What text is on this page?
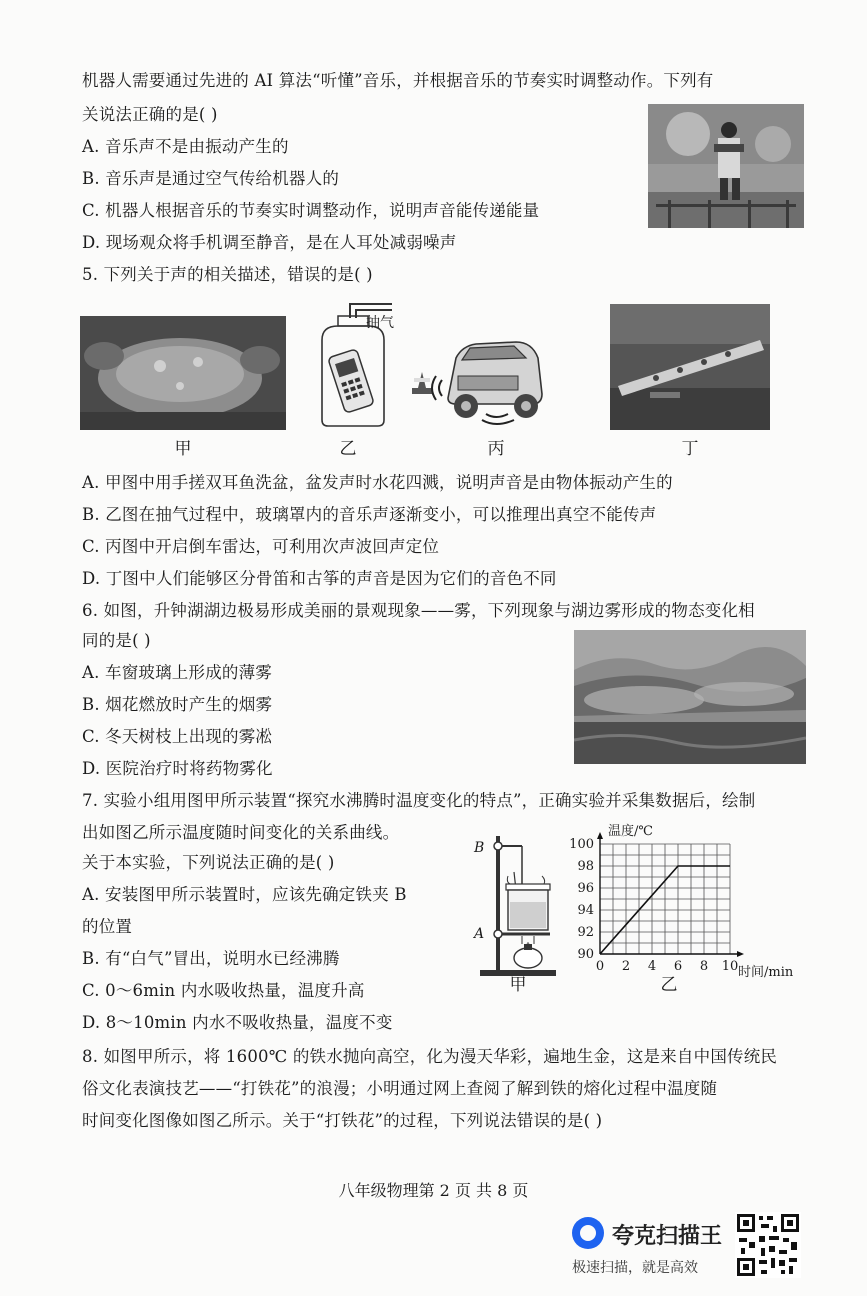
机器人需要通过先进的 AI 算法“听懂”音乐，并根据音乐的节奏实时调整动作。下列有
关说法正确的是( )
A. 音乐声不是由振动产生的
B. 音乐声是通过空气传给机器人的
C. 机器人根据音乐的节奏实时调整动作，说明声音能传递能量
D. 现场观众将手机调至静音，是在人耳处减弱噪声
5. 下列关于声的相关描述，错误的是( )
甲
抽气
乙	丙	丁
A. 甲图中用手搓双耳鱼洗盆，盆发声时水花四溅，说明声音是由物体振动产生的
B. 乙图在抽气过程中，玻璃罩内的音乐声逐渐变小，可以推理出真空不能传声
C. 丙图中开启倒车雷达，可利用次声波回声定位
D. 丁图中人们能够区分骨笛和古筝的声音是因为它们的音色不同
6. 如图，升钟湖湖边极易形成美丽的景观现象——雾，下列现象与湖边雾形成的物态变化相
同的是( )
A. 车窗玻璃上形成的薄雾
B. 烟花燃放时产生的烟雾
C. 冬天树枝上出现的雾凇
D. 医院治疗时将药物雾化
7. 实验小组用图甲所示装置“探究水沸腾时温度变化的特点”，正确实验并采集数据后，绘制
出如图乙所示温度随时间变化的关系曲线。
关于本实验，下列说法正确的是( )
A. 安装图甲所示装置时，应该先确定铁夹 B
的位置
B. 有“白气”冒出，说明水已经沸腾
C. 0～6min 内水吸收热量，温度升高
D. 8～10min 内水不吸收热量，温度不变
B
A
甲
0 2 4 6 8 10
90
92
94
96
98
100
温度/℃
时间/min
乙
8. 如图甲所示，将 1600℃ 的铁水抛向高空，化为漫天华彩，遍地生金，这是来自中国传统民
俗文化表演技艺——“打铁花”的浪漫；小明通过网上查阅了解到铁的熔化过程中温度随
时间变化图像如图乙所示。关于“打铁花”的过程，下列说法错误的是( )
八年级物理第 2 页 共 8 页
夸克扫描王
极速扫描，就是高效
